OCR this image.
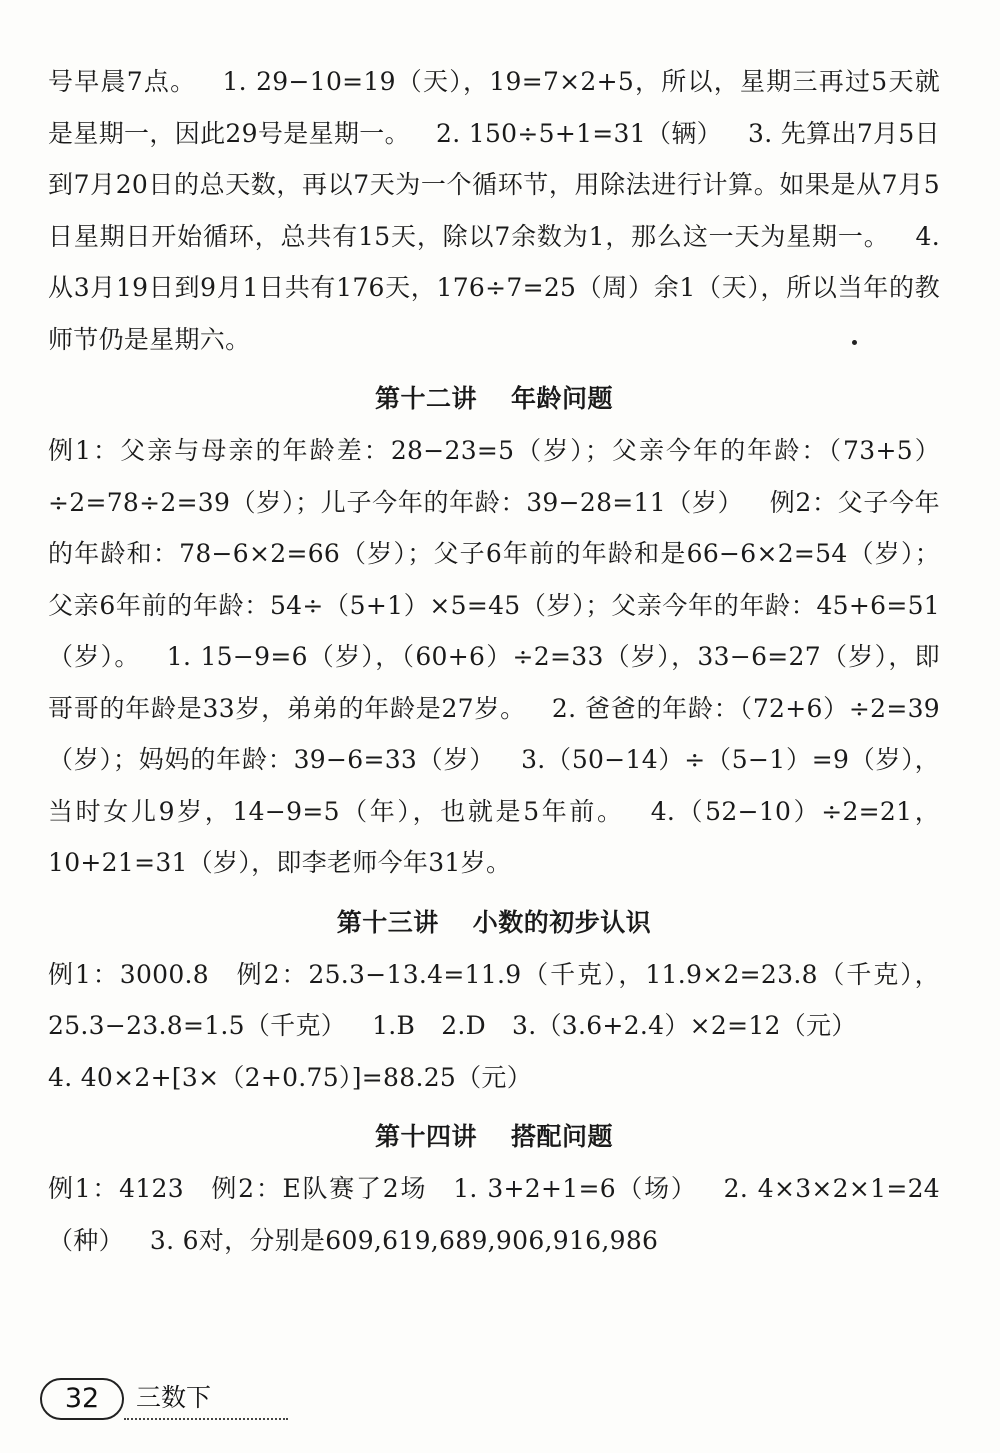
号早晨7点。 1. 29−10=19（天），19=7×2+5，所以，星期三再过5天就是星期一，因此29号是星期一。 2. 150÷5+1=31（辆） 3. 先算出7月5日到7月20日的总天数，再以7天为一个循环节，用除法进行计算。如果是从7月5日星期日开始循环，总共有15天，除以7余数为1，那么这一天为星期一。 4. 从3月19日到9月1日共有176天，176÷7=25（周）余1（天），所以当年的教师节仍是星期六。

第十二讲 年龄问题

例1：父亲与母亲的年龄差：28−23=5（岁）；父亲今年的年龄：（73+5）÷2=78÷2=39（岁）；儿子今年的年龄：39−28=11（岁） 例2：父子今年的年龄和：78−6×2=66（岁）；父子6年前的年龄和是66−6×2=54（岁）；父亲6年前的年龄：54÷（5+1）×5=45（岁）；父亲今年的年龄：45+6=51（岁）。 1. 15−9=6（岁），（60+6）÷2=33（岁），33−6=27（岁），即哥哥的年龄是33岁，弟弟的年龄是27岁。 2. 爸爸的年龄：（72+6）÷2=39（岁）；妈妈的年龄：39−6=33（岁） 3.（50−14）÷（5−1）=9（岁），当时女儿9岁，14−9=5（年），也就是5年前。 4.（52−10）÷2=21，10+21=31（岁），即李老师今年31岁。

第十三讲 小数的初步认识

例1：3000.8 例2：25.3−13.4=11.9（千克），11.9×2=23.8（千克），25.3−23.8=1.5（千克） 1.B 2.D 3.（3.6+2.4）×2=12（元）

4. 40×2+[3×（2+0.75）]=88.25（元）

第十四讲 搭配问题

例1：4123 例2：E队赛了2场 1. 3+2+1=6（场） 2. 4×3×2×1=24（种） 3. 6对，分别是609,619,689,906,916,986

32	三数下
